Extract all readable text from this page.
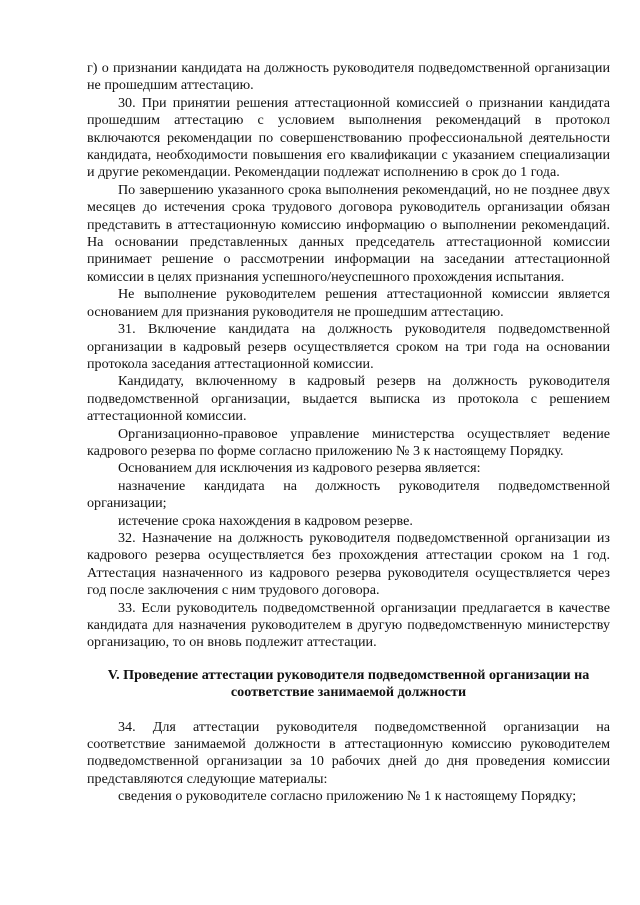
г) о признании кандидата на должность руководителя подведомственной организации не прошедшим аттестацию.

30. При принятии решения аттестационной комиссией о признании кандидата прошедшим аттестацию с условием выполнения рекомендаций в протокол включаются рекомендации по совершенствованию профессиональной деятельности кандидата, необходимости повышения его квалификации с указанием специализации и другие рекомендации. Рекомендации подлежат исполнению в срок до 1 года.

По завершению указанного срока выполнения рекомендаций, но не позднее двух месяцев до истечения срока трудового договора руководитель организации обязан представить в аттестационную комиссию информацию о выполнении рекомендаций. На основании представленных данных председатель аттестационной комиссии принимает решение о рассмотрении информации на заседании аттестационной комиссии в целях признания успешного/неуспешного прохождения испытания.

Не выполнение руководителем решения аттестационной комиссии является основанием для признания руководителя не прошедшим аттестацию.

31. Включение кандидата на должность руководителя подведомственной организации в кадровый резерв осуществляется сроком на три года на основании протокола заседания аттестационной комиссии.

Кандидату, включенному в кадровый резерв на должность руководителя подведомственной организации, выдается выписка из протокола с решением аттестационной комиссии.

Организационно-правовое управление министерства осуществляет ведение кадрового резерва по форме согласно приложению № 3 к настоящему Порядку.

Основанием для исключения из кадрового резерва является:

назначение кандидата на должность руководителя подведомственной организации;

истечение срока нахождения в кадровом резерве.

32. Назначение на должность руководителя подведомственной организации из кадрового резерва осуществляется без прохождения аттестации сроком на 1 год. Аттестация назначенного из кадрового резерва руководителя осуществляется через год после заключения с ним трудового договора.

33. Если руководитель подведомственной организации предлагается в качестве кандидата для назначения руководителем в другую подведомственную министерству организацию, то он вновь подлежит аттестации.

V. Проведение аттестации руководителя подведомственной организации на соответствие занимаемой должности

34. Для аттестации руководителя подведомственной организации на соответствие занимаемой должности в аттестационную комиссию руководителем подведомственной организации за 10 рабочих дней до дня проведения комиссии представляются следующие материалы:

сведения о руководителе согласно приложению № 1 к настоящему Порядку;
